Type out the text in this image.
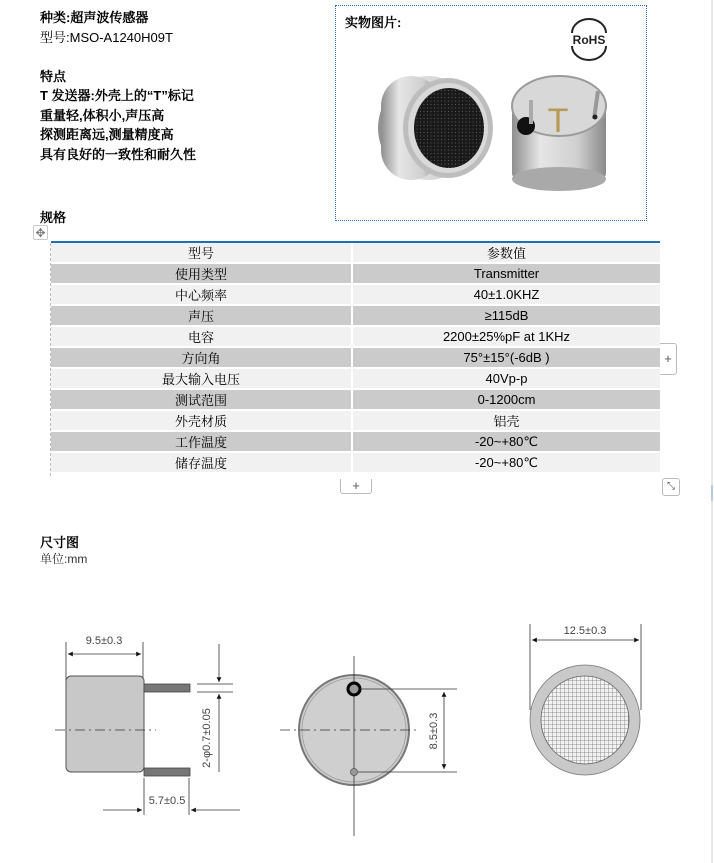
种类:超声波传感器
型号:MSO-A1240H09T

特点
T 发送器:外壳上的“T”标记
重量轻,体积小,声压高
探测距离远,测量精度高
具有良好的一致性和耐久性
实物图片:
RoHS
T
规格
✥
型号	参数值
使用类型	Transmitter
中心频率	40±1.0KHZ
声压	≥115dB
电容	2200±25%pF at 1KHz
方向角	75°±15°(-6dB )
最大输入电压	40Vp-p
测试范围	0-1200cm
外壳材质	铝壳
工作温度	-20~+80℃
储存温度	-20~+80℃
+
+	⤡
尺寸图
单位:mm
9.5±0.3
2-φ0.7±0.05
5.7±0.5
8.5±0.3
12.5±0.3
